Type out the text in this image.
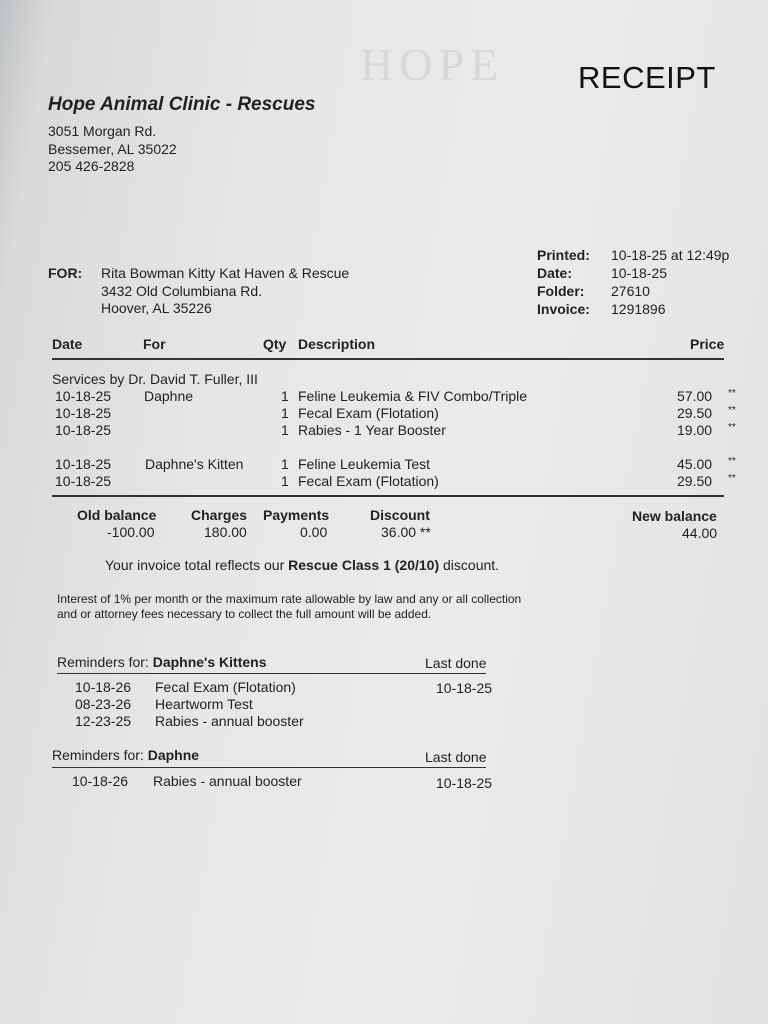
HOPE RECEIPT
Hope Animal Clinic - Rescues
3051 Morgan Rd.
Bessemer, AL 35022
205 426-2828
FOR: Rita Bowman Kitty Kat Haven & Rescue
3432 Old Columbiana Rd.
Hoover, AL 35226
Printed: 10-18-25 at 12:49p
Date:	10-18-25
Folder: 27610
Invoice: 1291896
Date	For	Qty Description	Price
Services by Dr. David T. Fuller, III
10-18-25 Daphne	1 Feline Leukemia & FIV Combo/Triple	57.00 **
10-18-25	1 Fecal Exam (Flotation)	29.50 **
10-18-25	1 Rabies - 1 Year Booster	19.00 **
10-18-25 Daphne's Kitten	1 Feline Leukemia Test	45.00 **
10-18-25	1 Fecal Exam (Flotation)	29.50 **
Old balance
-100.00
Charges
180.00
Payments
0.00
Discount
36.00 **
New balance
44.00
Your invoice total reflects our Rescue Class 1 (20/10) discount.
Interest of 1% per month or the maximum rate allowable by law and any or all collection
and or attorney fees necessary to collect the full amount will be added.
Reminders for: Daphne's Kittens	Last done
10-18-26 Fecal Exam (Flotation)	10-18-25
08-23-26 Heartworm Test
12-23-25 Rabies - annual booster
Reminders for: Daphne	Last done
10-18-26 Rabies - annual booster	10-18-25
